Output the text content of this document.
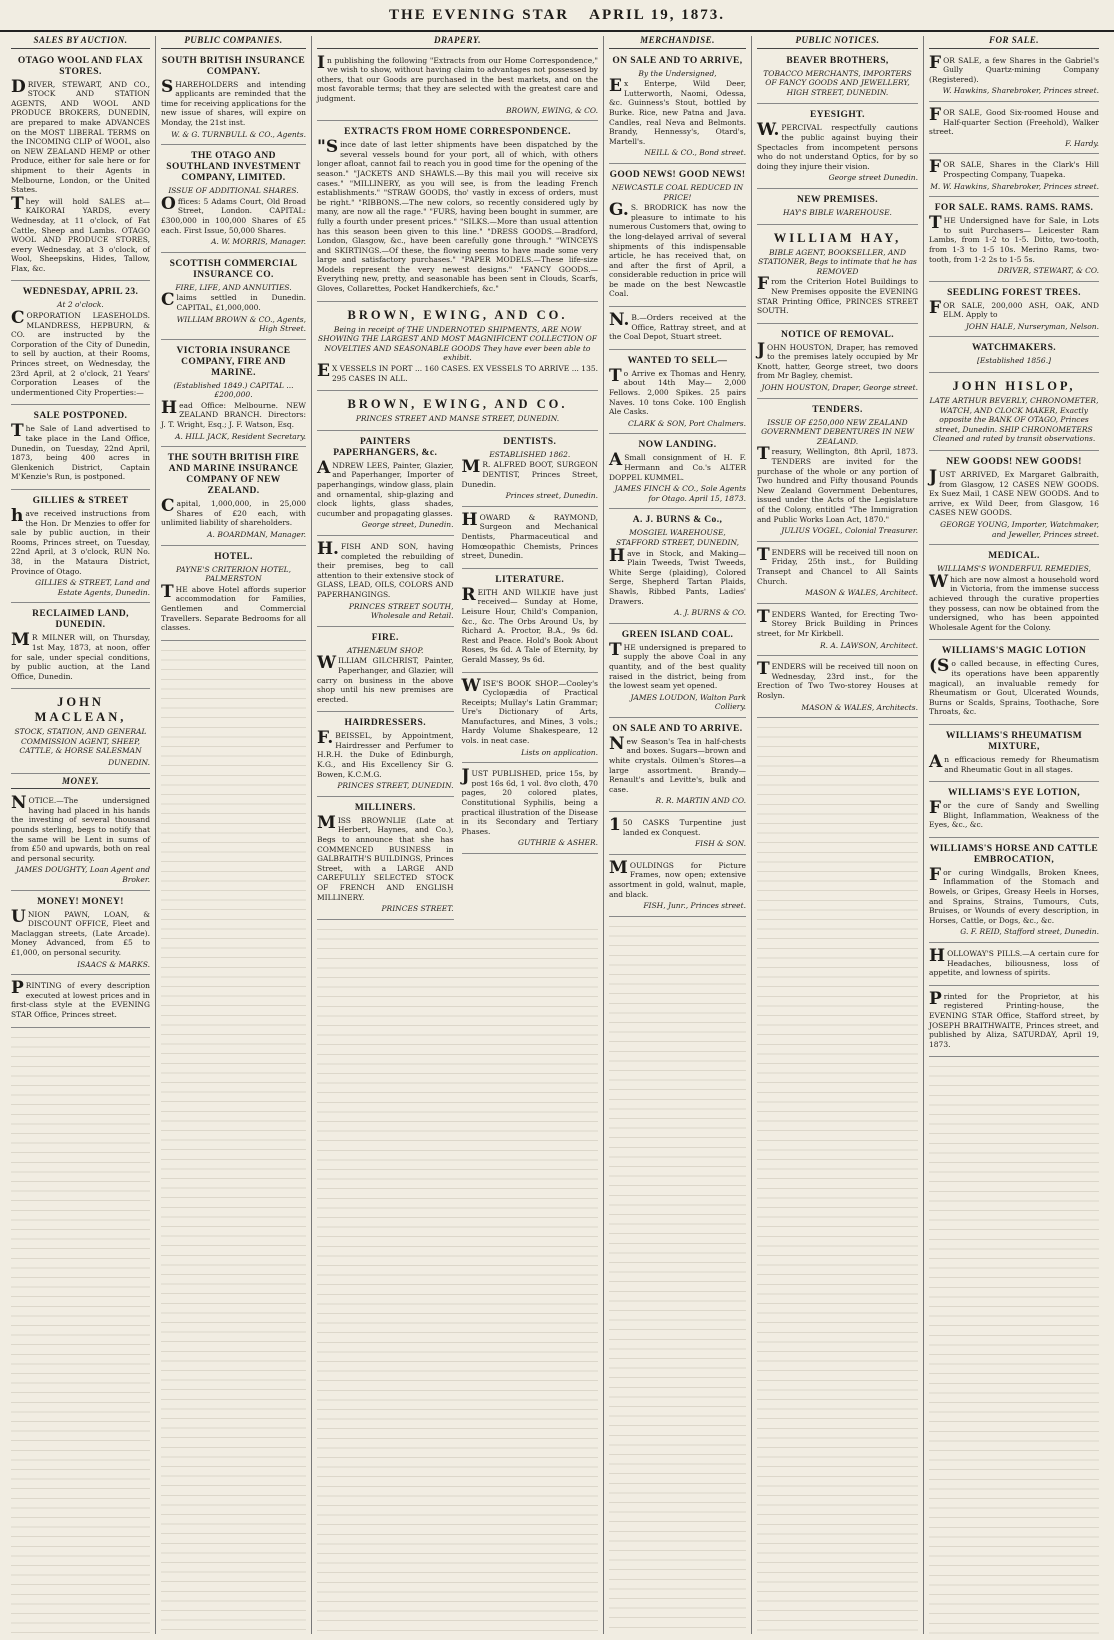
THE EVENING STAR APRIL 19, 1873.
SALES BY AUCTION.
OTAGO WOOL AND FLAX STORES.

DRIVER, STEWART, AND CO., STOCK AND STATION AGENTS, AND WOOL AND PRODUCE BROKERS, DUNEDIN, are prepared to make ADVANCES on the MOST LIBERAL TERMS on the INCOMING CLIP of WOOL, also on NEW ZEALAND HEMP or other Produce, either for sale here or for shipment to their Agents in Melbourne, London, or the United States.

They will hold SALES at— KAIKORAI YARDS, every Wednesday, at 11 o'clock, of Fat Cattle, Sheep and Lambs. OTAGO WOOL AND PRODUCE STORES, every Wednesday, at 3 o'clock, of Wool, Sheepskins, Hides, Tallow, Flax, &c.

WEDNESDAY, APRIL 23.
At 2 o'clock.

CORPORATION LEASEHOLDS. MLANDRESS, HEPBURN, & CO. are instructed by the Corporation of the City of Dunedin, to sell by auction, at their Rooms, Princes street, on Wednesday, the 23rd April, at 2 o'clock, 21 Years' Corporation Leases of the undermentioned City Properties:—

SALE POSTPONED.

The Sale of Land advertised to take place in the Land Office, Dunedin, on Tuesday, 22nd April, 1873, being 400 acres in Glenkenich District, Captain M'Kenzie's Run, is postponed.

GILLIES & STREET

have received instructions from the Hon. Dr Menzies to offer for sale by public auction, in their Rooms, Princes street, on Tuesday, 22nd April, at 3 o'clock, RUN No. 38, in the Mataura District, Province of Otago.

GILLIES & STREET, Land and Estate Agents, Dunedin.
RECLAIMED LAND, DUNEDIN.

MR MILNER will, on Thursday, 1st May, 1873, at noon, offer for sale, under special conditions, by public auction, at the Land Office, Dunedin.

JOHN MACLEAN,
STOCK, STATION, AND GENERAL COMMISSION AGENT, SHEEP, CATTLE, & HORSE SALESMAN
DUNEDIN.
MONEY.

NOTICE.—The undersigned having had placed in his hands the investing of several thousand pounds sterling, begs to notify that the same will be Lent in sums of from £50 and upwards, both on real and personal security.

JAMES DOUGHTY, Loan Agent and Broker.
MONEY! MONEY!

UNION PAWN, LOAN, & DISCOUNT OFFICE, Fleet and Maclaggan streets, (Late Arcade). Money Advanced, from £5 to £1,000, on personal security.

ISAACS & MARKS.

PRINTING of every description executed at lowest prices and in first-class style at the EVENING STAR Office, Princes street.

PUBLIC COMPANIES.
SOUTH BRITISH INSURANCE COMPANY.

SHAREHOLDERS and intending applicants are reminded that the time for receiving applications for the new issue of shares, will expire on Monday, the 21st inst.

W. & G. TURNBULL & CO., Agents.
THE OTAGO AND SOUTHLAND INVESTMENT COMPANY, LIMITED.
ISSUE OF ADDITIONAL SHARES.

Offices: 5 Adams Court, Old Broad Street, London. CAPITAL: £300,000 in 100,000 Shares of £5 each. First Issue, 50,000 Shares.

A. W. MORRIS, Manager.
SCOTTISH COMMERCIAL INSURANCE CO.
FIRE, LIFE, AND ANNUITIES.

Claims settled in Dunedin. CAPITAL, £1,000,000.

WILLIAM BROWN & CO., Agents, High Street.
VICTORIA INSURANCE COMPANY, FIRE AND MARINE.
(Established 1849.) CAPITAL ... £200,000.

Head Office: Melbourne. NEW ZEALAND BRANCH. Directors: J. T. Wright, Esq.; J. F. Watson, Esq.

A. HILL JACK, Resident Secretary.
THE SOUTH BRITISH FIRE AND MARINE INSURANCE COMPANY OF NEW ZEALAND.

Capital, 1,000,000, in 25,000 Shares of £20 each, with unlimited liability of shareholders.

A. BOARDMAN, Manager.
HOTEL.
PAYNE'S CRITERION HOTEL, PALMERSTON

THE above Hotel affords superior accommodation for Families, Gentlemen and Commercial Travellers. Separate Bedrooms for all classes.

DRAPERY.

In publishing the following "Extracts from our Home Correspondence," we wish to show, without having claim to advantages not possessed by others, that our Goods are purchased in the best markets, and on the most favorable terms; that they are selected with the greatest care and judgment.

BROWN, EWING, & CO.
EXTRACTS FROM HOME CORRESPONDENCE.

"Since date of last letter shipments have been dispatched by the several vessels bound for your port, all of which, with others longer afloat, cannot fail to reach you in good time for the opening of the season." "JACKETS AND SHAWLS.—By this mail you will receive six cases." "MILLINERY, as you will see, is from the leading French establishments." "STRAW GOODS, tho' vastly in excess of orders, must be right." "RIBBONS.—The new colors, so recently considered ugly by many, are now all the rage." "FURS, having been bought in summer, are fully a fourth under present prices." "SILKS.—More than usual attention has this season been given to this line." "DRESS GOODS.—Bradford, London, Glasgow, &c., have been carefully gone through." "WINCEYS and SKIRTINGS.—Of these, the flowing seems to have made some very large and satisfactory purchases." "PAPER MODELS.—These life-size Models represent the very newest designs." "FANCY GOODS.—Everything new, pretty, and seasonable has been sent in Clouds, Scarfs, Gloves, Collarettes, Pocket Handkerchiefs, &c."

BROWN, EWING, AND CO.
Being in receipt of THE UNDERNOTED SHIPMENTS, ARE NOW SHOWING THE LARGEST AND MOST MAGNIFICENT COLLECTION OF NOVELTIES AND SEASONABLE GOODS They have ever been able to exhibit.

EX VESSELS IN PORT ... 160 CASES. EX VESSELS TO ARRIVE ... 135. 295 CASES IN ALL.

BROWN, EWING, AND CO.
PRINCES STREET AND MANSE STREET, DUNEDIN.
PAINTERS PAPERHANGERS, &c.

ANDREW LEES, Painter, Glazier, and Paperhanger, Importer of paperhangings, window glass, plain and ornamental, ship-glazing and clock lights, glass shades, cucumber and propagating glasses.

George street, Dunedin.

H.FISH AND SON, having completed the rebuilding of their premises, beg to call attention to their extensive stock of GLASS, LEAD, OILS, COLORS AND PAPERHANGINGS.

PRINCES STREET SOUTH, Wholesale and Retail.
FIRE.
ATHENÆUM SHOP.

WILLIAM GILCHRIST, Painter, Paperhanger, and Glazier, will carry on business in the above shop until his new premises are erected.

HAIRDRESSERS.

F.BEISSEL, by Appointment, Hairdresser and Perfumer to H.R.H. the Duke of Edinburgh, K.G., and His Excellency Sir G. Bowen, K.C.M.G.

PRINCES STREET, DUNEDIN.
MILLINERS.

MISS BROWNLIE (Late at Herbert, Haynes, and Co.), Begs to announce that she has COMMENCED BUSINESS in GALBRAITH'S BUILDINGS, Princes Street, with a LARGE AND CAREFULLY SELECTED STOCK OF FRENCH AND ENGLISH MILLINERY.

PRINCES STREET.
DENTISTS.
ESTABLISHED 1862.

MR. ALFRED BOOT, SURGEON DENTIST, Princes Street, Dunedin.

Princes street, Dunedin.

HOWARD & RAYMOND, Surgeon and Mechanical Dentists, Pharmaceutical and Homœopathic Chemists, Princes street, Dunedin.

LITERATURE.

REITH AND WILKIE have just received— Sunday at Home, Leisure Hour, Child's Companion, &c., &c. The Orbs Around Us, by Richard A. Proctor, B.A., 9s 6d. Rest and Peace. Hold's Book About Roses, 9s 6d. A Tale of Eternity, by Gerald Massey, 9s 6d.

WISE'S BOOK SHOP.—Cooley's Cyclopædia of Practical Receipts; Mullay's Latin Grammar; Ure's Dictionary of Arts, Manufactures, and Mines, 3 vols.; Hardy Volume Shakespeare, 12 vols. in neat case.

Lists on application.

JUST PUBLISHED, price 15s, by post 16s 6d, 1 vol. 8vo cloth, 470 pages, 20 colored plates, Constitutional Syphilis, being a practical illustration of the Disease in its Secondary and Tertiary Phases.

GUTHRIE & ASHER.
MERCHANDISE.
ON SALE AND TO ARRIVE,
By the Undersigned,

Ex Enterpe, Wild Deer, Lutterworth, Naomi, Odessa, &c. Guinness's Stout, bottled by Burke. Rice, new Patna and Java. Candles, real Neva and Belmonts. Brandy, Hennessy's, Otard's, Martell's.

NEILL & CO., Bond street.
GOOD NEWS! GOOD NEWS!
NEWCASTLE COAL REDUCED IN PRICE!

G.S. BRODRICK has now the pleasure to intimate to his numerous Customers that, owing to the long-delayed arrival of several shipments of this indispensable article, he has received that, on and after the first of April, a considerable reduction in price will be made on the best Newcastle Coal.

N.B.—Orders received at the Office, Rattray street, and at the Coal Depot, Stuart street.

WANTED TO SELL—

To Arrive ex Thomas and Henry, about 14th May— 2,000 Fellows. 2,000 Spikes. 25 pairs Naves. 10 tons Coke. 100 English Ale Casks.

CLARK & SON, Port Chalmers.
NOW LANDING.

ASmall consignment of H. F. Hermann and Co.'s ALTER DOPPEL KUMMEL.

JAMES FINCH & CO., Sole Agents for Otago. April 15, 1873.
A. J. BURNS & Co.,
MOSGIEL WAREHOUSE, STAFFORD STREET, DUNEDIN,

Have in Stock, and Making— Plain Tweeds, Twist Tweeds, White Serge (plaiding), Colored Serge, Shepherd Tartan Plaids, Shawls, Ribbed Pants, Ladies' Drawers.

A. J. BURNS & CO.
GREEN ISLAND COAL.

THE undersigned is prepared to supply the above Coal in any quantity, and of the best quality raised in the district, being from the lowest seam yet opened.

JAMES LOUDON, Walton Park Colliery.
ON SALE AND TO ARRIVE.

New Season's Tea in half-chests and boxes. Sugars—brown and white crystals. Oilmen's Stores—a large assortment. Brandy—Renault's and Levitte's, bulk and case.

R. R. MARTIN AND CO.

150 CASKS Turpentine just landed ex Conquest.

FISH & SON.

MOULDINGS for Picture Frames, now open; extensive assortment in gold, walnut, maple, and black.

FISH, Junr., Princes street.
PUBLIC NOTICES.
BEAVER BROTHERS,
TOBACCO MERCHANTS, IMPORTERS OF FANCY GOODS AND JEWELLERY, HIGH STREET, DUNEDIN.
EYESIGHT.

W.PERCIVAL respectfully cautions the public against buying their Spectacles from incompetent persons who do not understand Optics, for by so doing they injure their vision.

George street Dunedin.
NEW PREMISES.
HAY'S BIBLE WAREHOUSE.
WILLIAM HAY,
BIBLE AGENT, BOOKSELLER, AND STATIONER, Begs to intimate that he has REMOVED

From the Criterion Hotel Buildings to New Premises opposite the EVENING STAR Printing Office, PRINCES STREET SOUTH.

NOTICE OF REMOVAL.

JOHN HOUSTON, Draper, has removed to the premises lately occupied by Mr Knott, hatter, George street, two doors from Mr Bagley, chemist.

JOHN HOUSTON, Draper, George street.
TENDERS.
ISSUE OF £250,000 NEW ZEALAND GOVERNMENT DEBENTURES IN NEW ZEALAND.

Treasury, Wellington, 8th April, 1873. TENDERS are invited for the purchase of the whole or any portion of Two hundred and Fifty thousand Pounds New Zealand Government Debentures, issued under the Acts of the Legislature of the Colony, entitled "The Immigration and Public Works Loan Act, 1870."

JULIUS VOGEL, Colonial Treasurer.

TENDERS will be received till noon on Friday, 25th inst., for Building Transept and Chancel to All Saints Church.

MASON & WALES, Architect.

TENDERS Wanted, for Erecting Two-Storey Brick Building in Princes street, for Mr Kirkbell.

R. A. LAWSON, Architect.

TENDERS will be received till noon on Wednesday, 23rd inst., for the Erection of Two Two-storey Houses at Roslyn.

MASON & WALES, Architects.
FOR SALE.

FOR SALE, a few Shares in the Gabriel's Gully Quartz-mining Company (Registered).

W. Hawkins, Sharebroker, Princes street.

FOR SALE, Good Six-roomed House and Half-quarter Section (Freehold), Walker street.

F. Hardy.

FOR SALE, Shares in the Clark's Hill Prospecting Company, Tuapeka.

M. W. Hawkins, Sharebroker, Princes street.
FOR SALE. RAMS. RAMS. RAMS.

THE Undersigned have for Sale, in Lots to suit Purchasers— Leicester Ram Lambs, from 1-2 to 1-5. Ditto, two-tooth, from 1-3 to 1-5 10s. Merino Rams, two-tooth, from 1-2 2s to 1-5 5s.

DRIVER, STEWART, & CO.
SEEDLING FOREST TREES.

FOR SALE, 200,000 ASH, OAK, AND ELM. Apply to

JOHN HALE, Nurseryman, Nelson.
WATCHMAKERS.
[Established 1856.]
JOHN HISLOP,
LATE ARTHUR BEVERLY, CHRONOMETER, WATCH, AND CLOCK MAKER, Exactly opposite the BANK OF OTAGO, Princes street, Dunedin. SHIP CHRONOMETERS Cleaned and rated by transit observations.
NEW GOODS! NEW GOODS!

JUST ARRIVED, Ex Margaret Galbraith, from Glasgow, 12 CASES NEW GOODS. Ex Suez Mail, 1 CASE NEW GOODS. And to arrive, ex Wild Deer, from Glasgow, 16 CASES NEW GOODS.

GEORGE YOUNG, Importer, Watchmaker, and Jeweller, Princes street.
MEDICAL.
WILLIAMS'S WONDERFUL REMEDIES,

Which are now almost a household word in Victoria, from the immense success achieved through the curative properties they possess, can now be obtained from the undersigned, who has been appointed Wholesale Agent for the Colony.

WILLIAMS'S MAGIC LOTION

(So called because, in effecting Cures, its operations have been apparently magical), an invaluable remedy for Rheumatism or Gout, Ulcerated Wounds, Burns or Scalds, Sprains, Toothache, Sore Throats, &c.

WILLIAMS'S RHEUMATISM MIXTURE,

An efficacious remedy for Rheumatism and Rheumatic Gout in all stages.

WILLIAMS'S EYE LOTION,

For the cure of Sandy and Swelling Blight, Inflammation, Weakness of the Eyes, &c., &c.

WILLIAMS'S HORSE AND CATTLE EMBROCATION,

For curing Windgalls, Broken Knees, Inflammation of the Stomach and Bowels, or Gripes, Greasy Heels in Horses, and Sprains, Strains, Tumours, Cuts, Bruises, or Wounds of every description, in Horses, Cattle, or Dogs, &c., &c.

G. F. REID, Stafford street, Dunedin.

HOLLOWAY'S PILLS.—A certain cure for Headaches, biliousness, loss of appetite, and lowness of spirits.

Printed for the Proprietor, at his registered Printing-house, the EVENING STAR Office, Stafford street, by JOSEPH BRAITHWAITE, Princes street, and published by Aliza, SATURDAY, April 19, 1873.
